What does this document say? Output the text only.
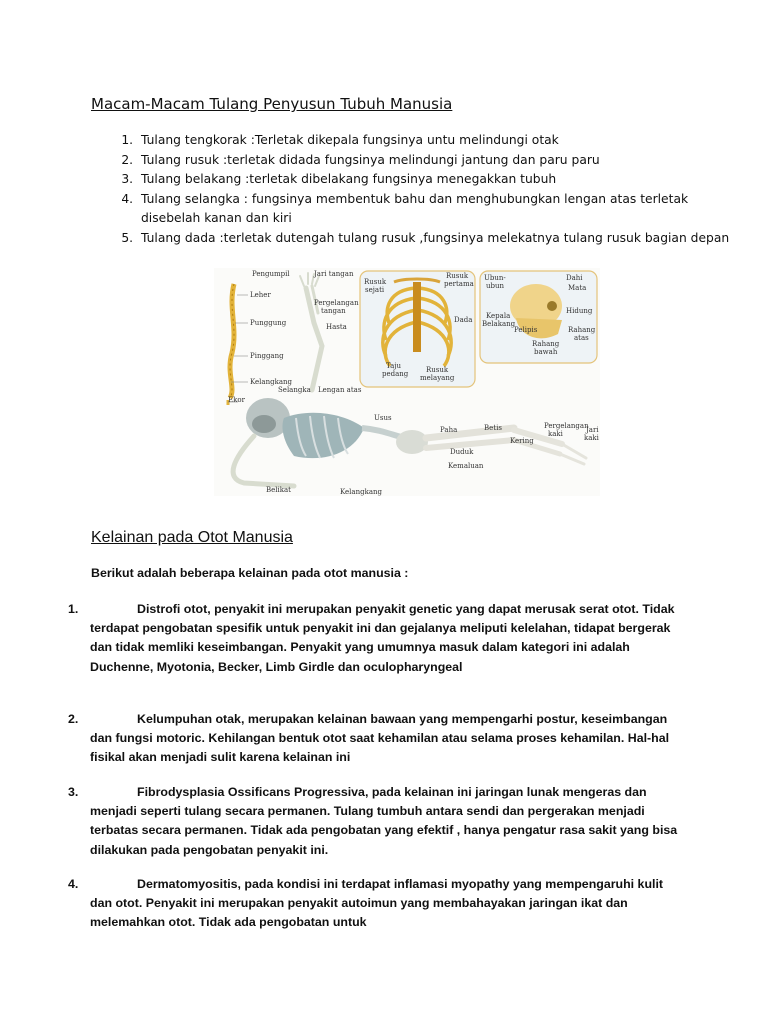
Macam-Macam Tulang Penyusun Tubuh Manusia
1. Tulang tengkorak :Terletak dikepala fungsinya untu melindungi otak
2. Tulang rusuk :terletak didada fungsinya melindungi jantung dan paru paru
3. Tulang belakang :terletak dibelakang fungsinya menegakkan tubuh
4. Tulang selangka : fungsinya membentuk bahu dan menghubungkan lengan atas terletak disebelah kanan dan kiri
5. Tulang dada :terletak dutengah tulang rusuk ,fungsinya melekatnya tulang rusuk bagian depan
Pengumpil	Jari tangan
Leher
Pergelangan
tangan
Punggung	Hasta
Pinggang
Kelangkang
Ekor
Selangka Lengan atas
Rusuk
sejati
Rusuk
pertama
Dada
Taju
pedang	Rusuk
melayang
Ubun-
ubun
Dahi
Mata
Hidung
Kepala
Belakang
Pelipis	Rahang
atas
Rahang
bawah
Usus
Paha	Betis	Pergelangan
kaki	Jari
kaki
Kering
Duduk
Kemaluan
Belikat	Kelangkang
Kelainan pada Otot Manusia

Berikut adalah beberapa kelainan pada otot manusia :

1.	Distrofi otot, penyakit ini merupakan penyakit genetic yang dapat merusak serat otot. Tidak terdapat pengobatan spesifik untuk penyakit ini dan gejalanya meliputi kelelahan, tidapat bergerak dan tidak memliki keseimbangan. Penyakit yang umumnya masuk dalam kategori ini adalah Duchenne, Myotonia, Becker, Limb Girdle dan oculopharyngeal

2.	Kelumpuhan otak, merupakan kelainan bawaan yang mempengarhi postur, keseimbangan dan fungsi motoric. Kehilangan bentuk otot saat kehamilan atau selama proses kehamilan. Hal-hal fisikal akan menjadi sulit karena kelainan ini

3.	Fibrodysplasia Ossificans Progressiva, pada kelainan ini jaringan lunak mengeras dan menjadi seperti tulang secara permanen. Tulang tumbuh antara sendi dan pergerakan menjadi terbatas secara permanen. Tidak ada pengobatan yang efektif , hanya pengatur rasa sakit yang bisa dilakukan pada pengobatan penyakit ini.

4.	Dermatomyositis, pada kondisi ini terdapat inflamasi myopathy yang mempengaruhi kulit dan otot. Penyakit ini merupakan penyakit autoimun yang membahayakan jaringan ikat dan melemahkan otot. Tidak ada pengobatan untuk
